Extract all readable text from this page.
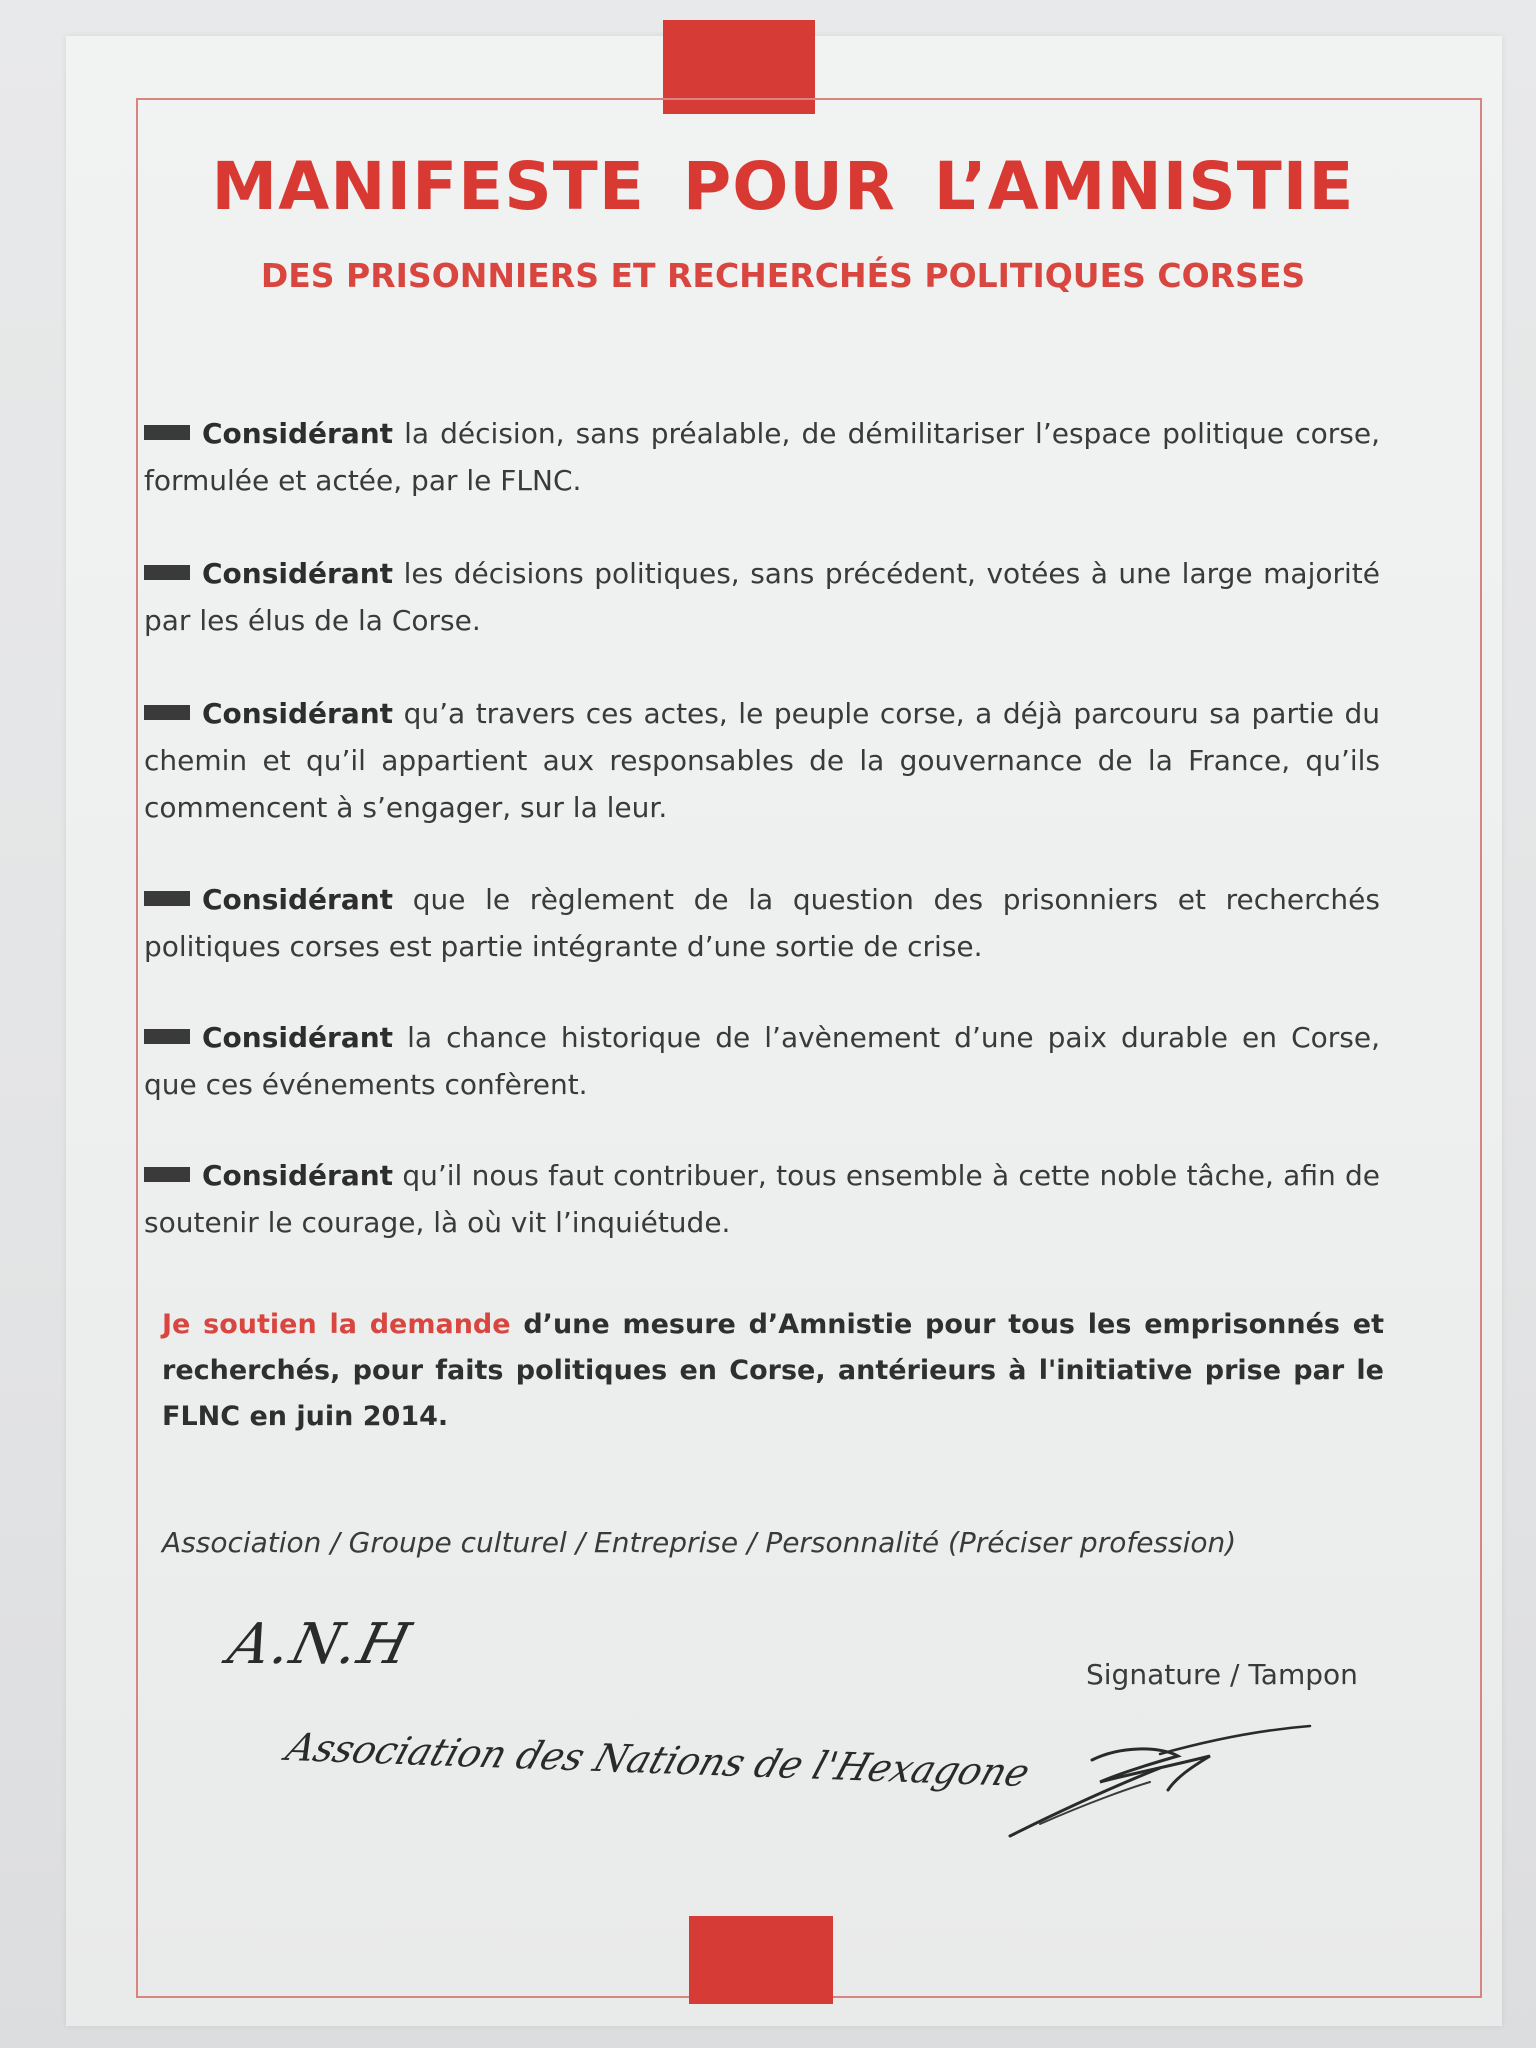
MANIFESTE POUR L’AMNISTIE
DES PRISONNIERS ET RECHERCHÉS POLITIQUES CORSES

Considérant la décision, sans préalable, de démilitariser l’espace politique corse, formulée et actée, par le FLNC.

Considérant les décisions politiques, sans précédent, votées à une large majorité par les élus de la Corse.

Considérant qu’a travers ces actes, le peuple corse, a déjà parcouru sa partie du chemin et qu’il appartient aux responsables de la gouvernance de la France, qu’ils commencent à s’engager, sur la leur.

Considérant que le règlement de la question des prisonniers et recherchés politiques corses est partie intégrante d’une sortie de crise.

Considérant la chance historique de l’avènement d’une paix durable en Corse, que ces événements confèrent.

Considérant qu’il nous faut contribuer, tous ensemble à cette noble tâche, afin de soutenir le courage, là où vit l’inquiétude.

Je soutien la demande d’une mesure d’Amnistie pour tous les emprisonnés et recherchés, pour faits politiques en Corse, antérieurs à l'initiative prise par le FLNC en juin 2014.

Association / Groupe culturel / Entreprise / Personnalité (Préciser profession)
A.N.H
Association des Nations de l'Hexagone
Signature / Tampon
